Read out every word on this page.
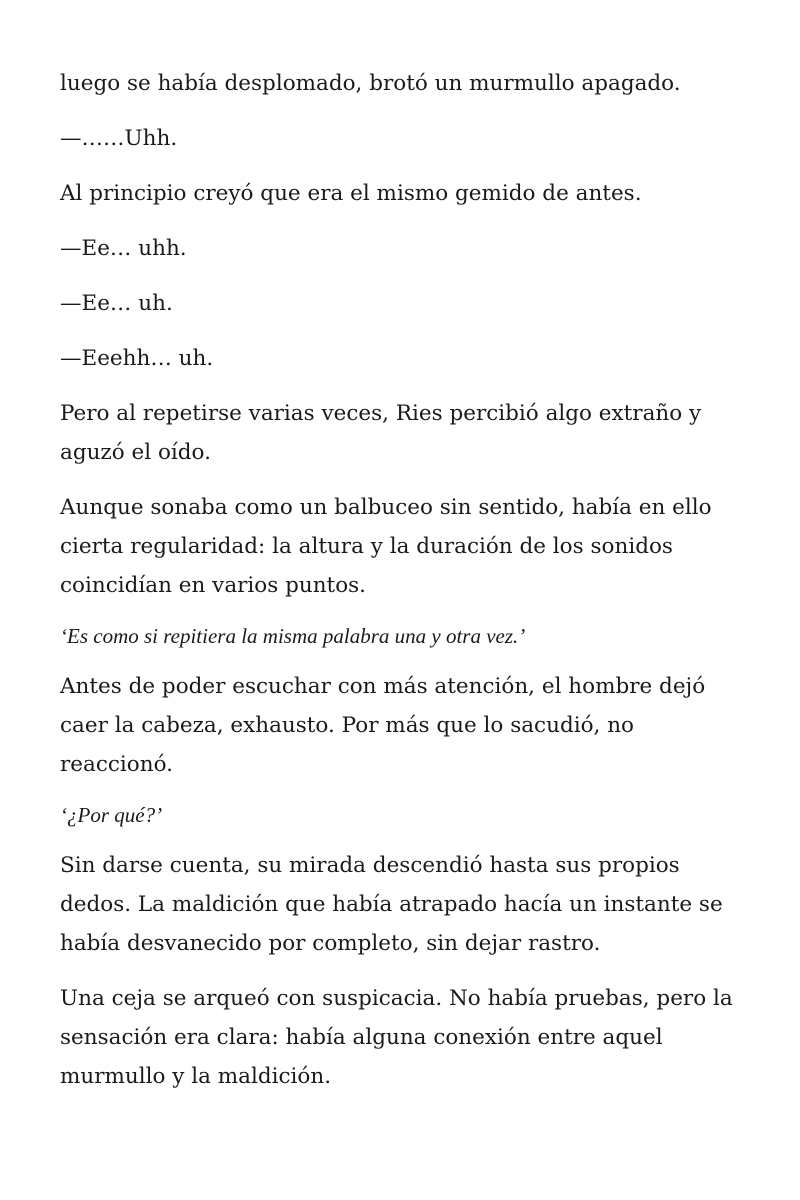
luego se había desplomado, brotó un murmullo apagado.

—……Uhh.

Al principio creyó que era el mismo gemido de antes.

—Ee… uhh.

—Ee… uh.

—Eeehh… uh.

Pero al repetirse varias veces, Ries percibió algo extraño y aguzó el oído.

Aunque sonaba como un balbuceo sin sentido, había en ello cierta regularidad: la altura y la duración de los sonidos coincidían en varios puntos.

‘Es como si repitiera la misma palabra una y otra vez.’

Antes de poder escuchar con más atención, el hombre dejó caer la cabeza, exhausto. Por más que lo sacudió, no reaccionó.

‘¿Por qué?’

Sin darse cuenta, su mirada descendió hasta sus propios dedos. La maldición que había atrapado hacía un instante se había desvanecido por completo, sin dejar rastro.

Una ceja se arqueó con suspicacia. No había pruebas, pero la sensación era clara: había alguna conexión entre aquel murmullo y la maldición.
